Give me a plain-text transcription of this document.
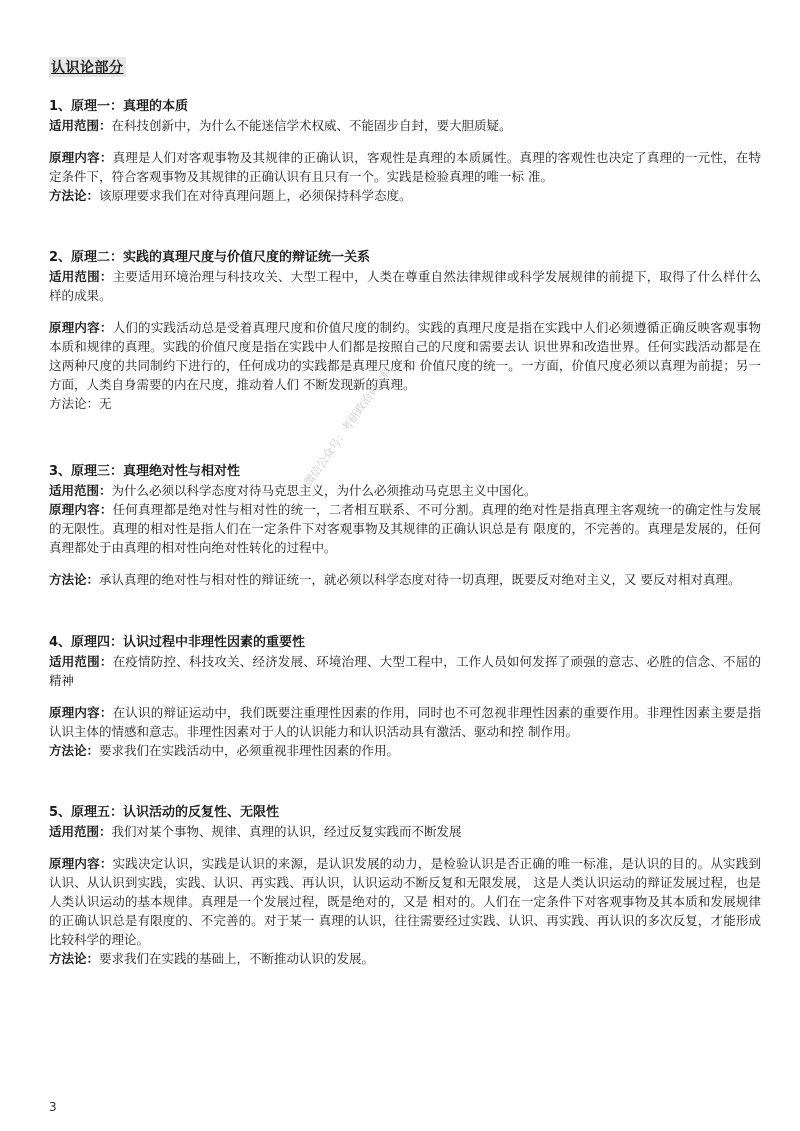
认识论部分

1、原理一：真理的本质

适用范围：在科技创新中，为什么不能迷信学术权威、不能固步自封，要大胆质疑。

原理内容：真理是人们对客观事物及其规律的正确认识，客观性是真理的本质属性。真理的客观性也决定了真理的一元性，在特定条件下，符合客观事物及其规律的正确认识有且只有一个。实践是检验真理的唯一标 准。

方法论：该原理要求我们在对待真理问题上，必须保持科学态度。

2、原理二：实践的真理尺度与价值尺度的辩证统一关系

适用范围：主要适用环境治理与科技攻关、大型工程中，人类在尊重自然法律规律或科学发展规律的前提下，取得了什么样什么样的成果。

原理内容：人们的实践活动总是受着真理尺度和价值尺度的制约。实践的真理尺度是指在实践中人们必须遵循正确反映客观事物本质和规律的真理。实践的价值尺度是指在实践中人们都是按照自己的尺度和需要去认 识世界和改造世界。任何实践活动都是在这两种尺度的共同制约下进行的，任何成功的实践都是真理尺度和 价值尺度的统一。一方面，价值尺度必须以真理为前提；另一方面，人类自身需要的内在尺度，推动着人们 不断发现新的真理。

方法论：无

3、原理三：真理绝对性与相对性

适用范围：为什么必须以科学态度对待马克思主义，为什么必须推动马克思主义中国化。

原理内容：任何真理都是绝对性与相对性的统一，二者相互联系、不可分割。真理的绝对性是指真理主客观统一的确定性与发展的无限性。真理的相对性是指人们在一定条件下对客观事物及其规律的正确认识总是有 限度的，不完善的。真理是发展的，任何真理都处于由真理的相对性向绝对性转化的过程中。

方法论：承认真理的绝对性与相对性的辩证统一，就必须以科学态度对待一切真理，既要反对绝对主义，又 要反对相对真理。

4、原理四：认识过程中非理性因素的重要性

适用范围：在疫情防控、科技攻关、经济发展、环境治理、大型工程中，工作人员如何发挥了顽强的意志、必胜的信念、不屈的精神

原理内容：在认识的辩证运动中，我们既要注重理性因素的作用，同时也不可忽视非理性因素的重要作用。非理性因素主要是指认识主体的情感和意志。非理性因素对于人的认识能力和认识活动具有激活、驱动和控 制作用。

方法论：要求我们在实践活动中，必须重视非理性因素的作用。

5、原理五：认识活动的反复性、无限性

适用范围：我们对某个事物、规律、真理的认识，经过反复实践而不断发展

原理内容：实践决定认识，实践是认识的来源，是认识发展的动力，是检验认识是否正确的唯一标准，是认识的目的。从实践到认识、从认识到实践，实践、认识、再实践、再认识，认识运动不断反复和无限发展， 这是人类认识运动的辩证发展过程，也是人类认识运动的基本规律。真理是一个发展过程，既是绝对的，又是 相对的。人们在一定条件下对客观事物及其本质和发展规律的正确认识总是有限度的、不完善的。对于某一 真理的认识，往往需要经过实践、认识、再实践、再认识的多次反复，才能形成比较科学的理论。

方法论：要求我们在实践的基础上，不断推动认识的发展。

微信公众号：考研政治黄大叔
3
